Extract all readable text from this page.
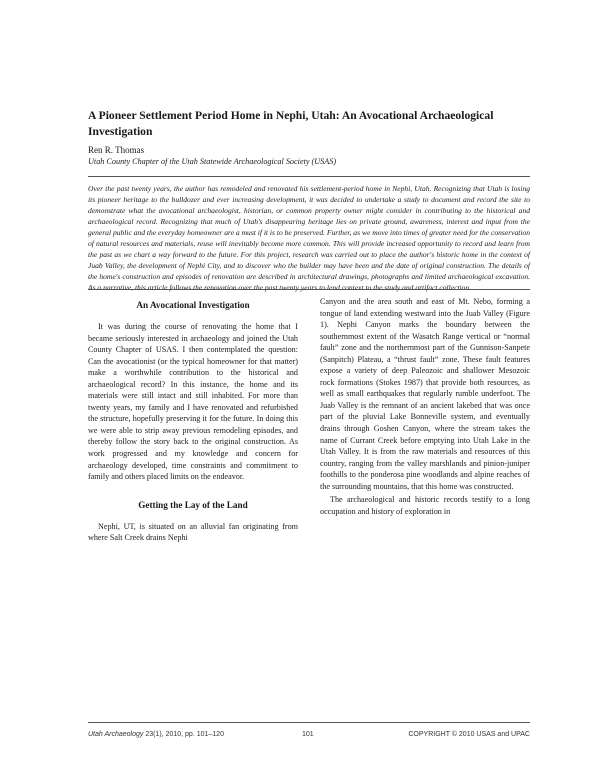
A Pioneer Settlement Period Home in Nephi, Utah: An Avocational Archaeological Investigation
Ren R. Thomas
Utah County Chapter of the Utah Statewide Archaeological Society (USAS)
Over the past twenty years, the author has remodeled and renovated his settlement-period home in Nephi, Utah. Recognizing that Utah is losing its pioneer heritage to the bulldozer and ever increasing development, it was decided to undertake a study to document and record the site to demonstrate what the avocational archaeologist, historian, or common property owner might consider in contributing to the historical and archaeological record. Recognizing that much of Utah's disappearing heritage lies on private ground, awareness, interest and input from the general public and the everyday homeowner are a must if it is to be preserved. Further, as we move into times of greater need for the conservation of natural resources and materials, reuse will inevitably become more common. This will provide increased opportunity to record and learn from the past as we chart a way forward to the future. For this project, research was carried out to place the author's historic home in the context of Juab Valley, the development of Nephi City, and to discover who the builder may have been and the date of original construction. The details of the home's construction and episodes of renovation are described in architectural drawings, photographs and limited archaeological excavation. As a narrative, this article follows the renovation over the past twenty years to lend context to the study and artifact collection.
An Avocational Investigation

It was during the course of renovating the home that I became seriously interested in archaeology and joined the Utah County Chapter of USAS. I then contemplated the question: Can the avocationist (or the typical homeowner for that matter) make a worthwhile contribution to the historical and archaeological record? In this instance, the home and its materials were still intact and still inhabited. For more than twenty years, my family and I have renovated and refurbished the structure, hopefully preserving it for the future. In doing this we were able to strip away previous remodeling episodes, and thereby follow the story back to the original construction. As work progressed and my knowledge and concern for archaeology developed, time constraints and commitment to family and others placed limits on the endeavor.

Getting the Lay of the Land

Nephi, UT, is situated on an alluvial fan originating from where Salt Creek drains Nephi

Canyon and the area south and east of Mt. Nebo, forming a tongue of land extending westward into the Juab Valley (Figure 1). Nephi Canyon marks the boundary between the southernmost extent of the Wasatch Range vertical or “normal fault” zone and the northernmost part of the Gunnison-Sanpete (Sanpitch) Plateau, a “thrust fault” zone. These fault features expose a variety of deep Paleozoic and shallower Mesozoic rock formations (Stokes 1987) that provide both resources, as well as small earthquakes that regularly rumble underfoot. The Juab Valley is the remnant of an ancient lakebed that was once part of the pluvial Lake Bonneville system, and eventually drains through Goshen Canyon, where the stream takes the name of Currant Creek before emptying into Utah Lake in the Utah Valley. It is from the raw materials and resources of this country, ranging from the valley marshlands and pinion-juniper foothills to the ponderosa pine woodlands and alpine reaches of the surrounding mountains, that this home was constructed.

The archaeological and historic records testify to a long occupation and history of exploration in

Utah Archaeology 23(1), 2010, pp. 101–120	101	COPYRIGHT © 2010 USAS and UPAC
